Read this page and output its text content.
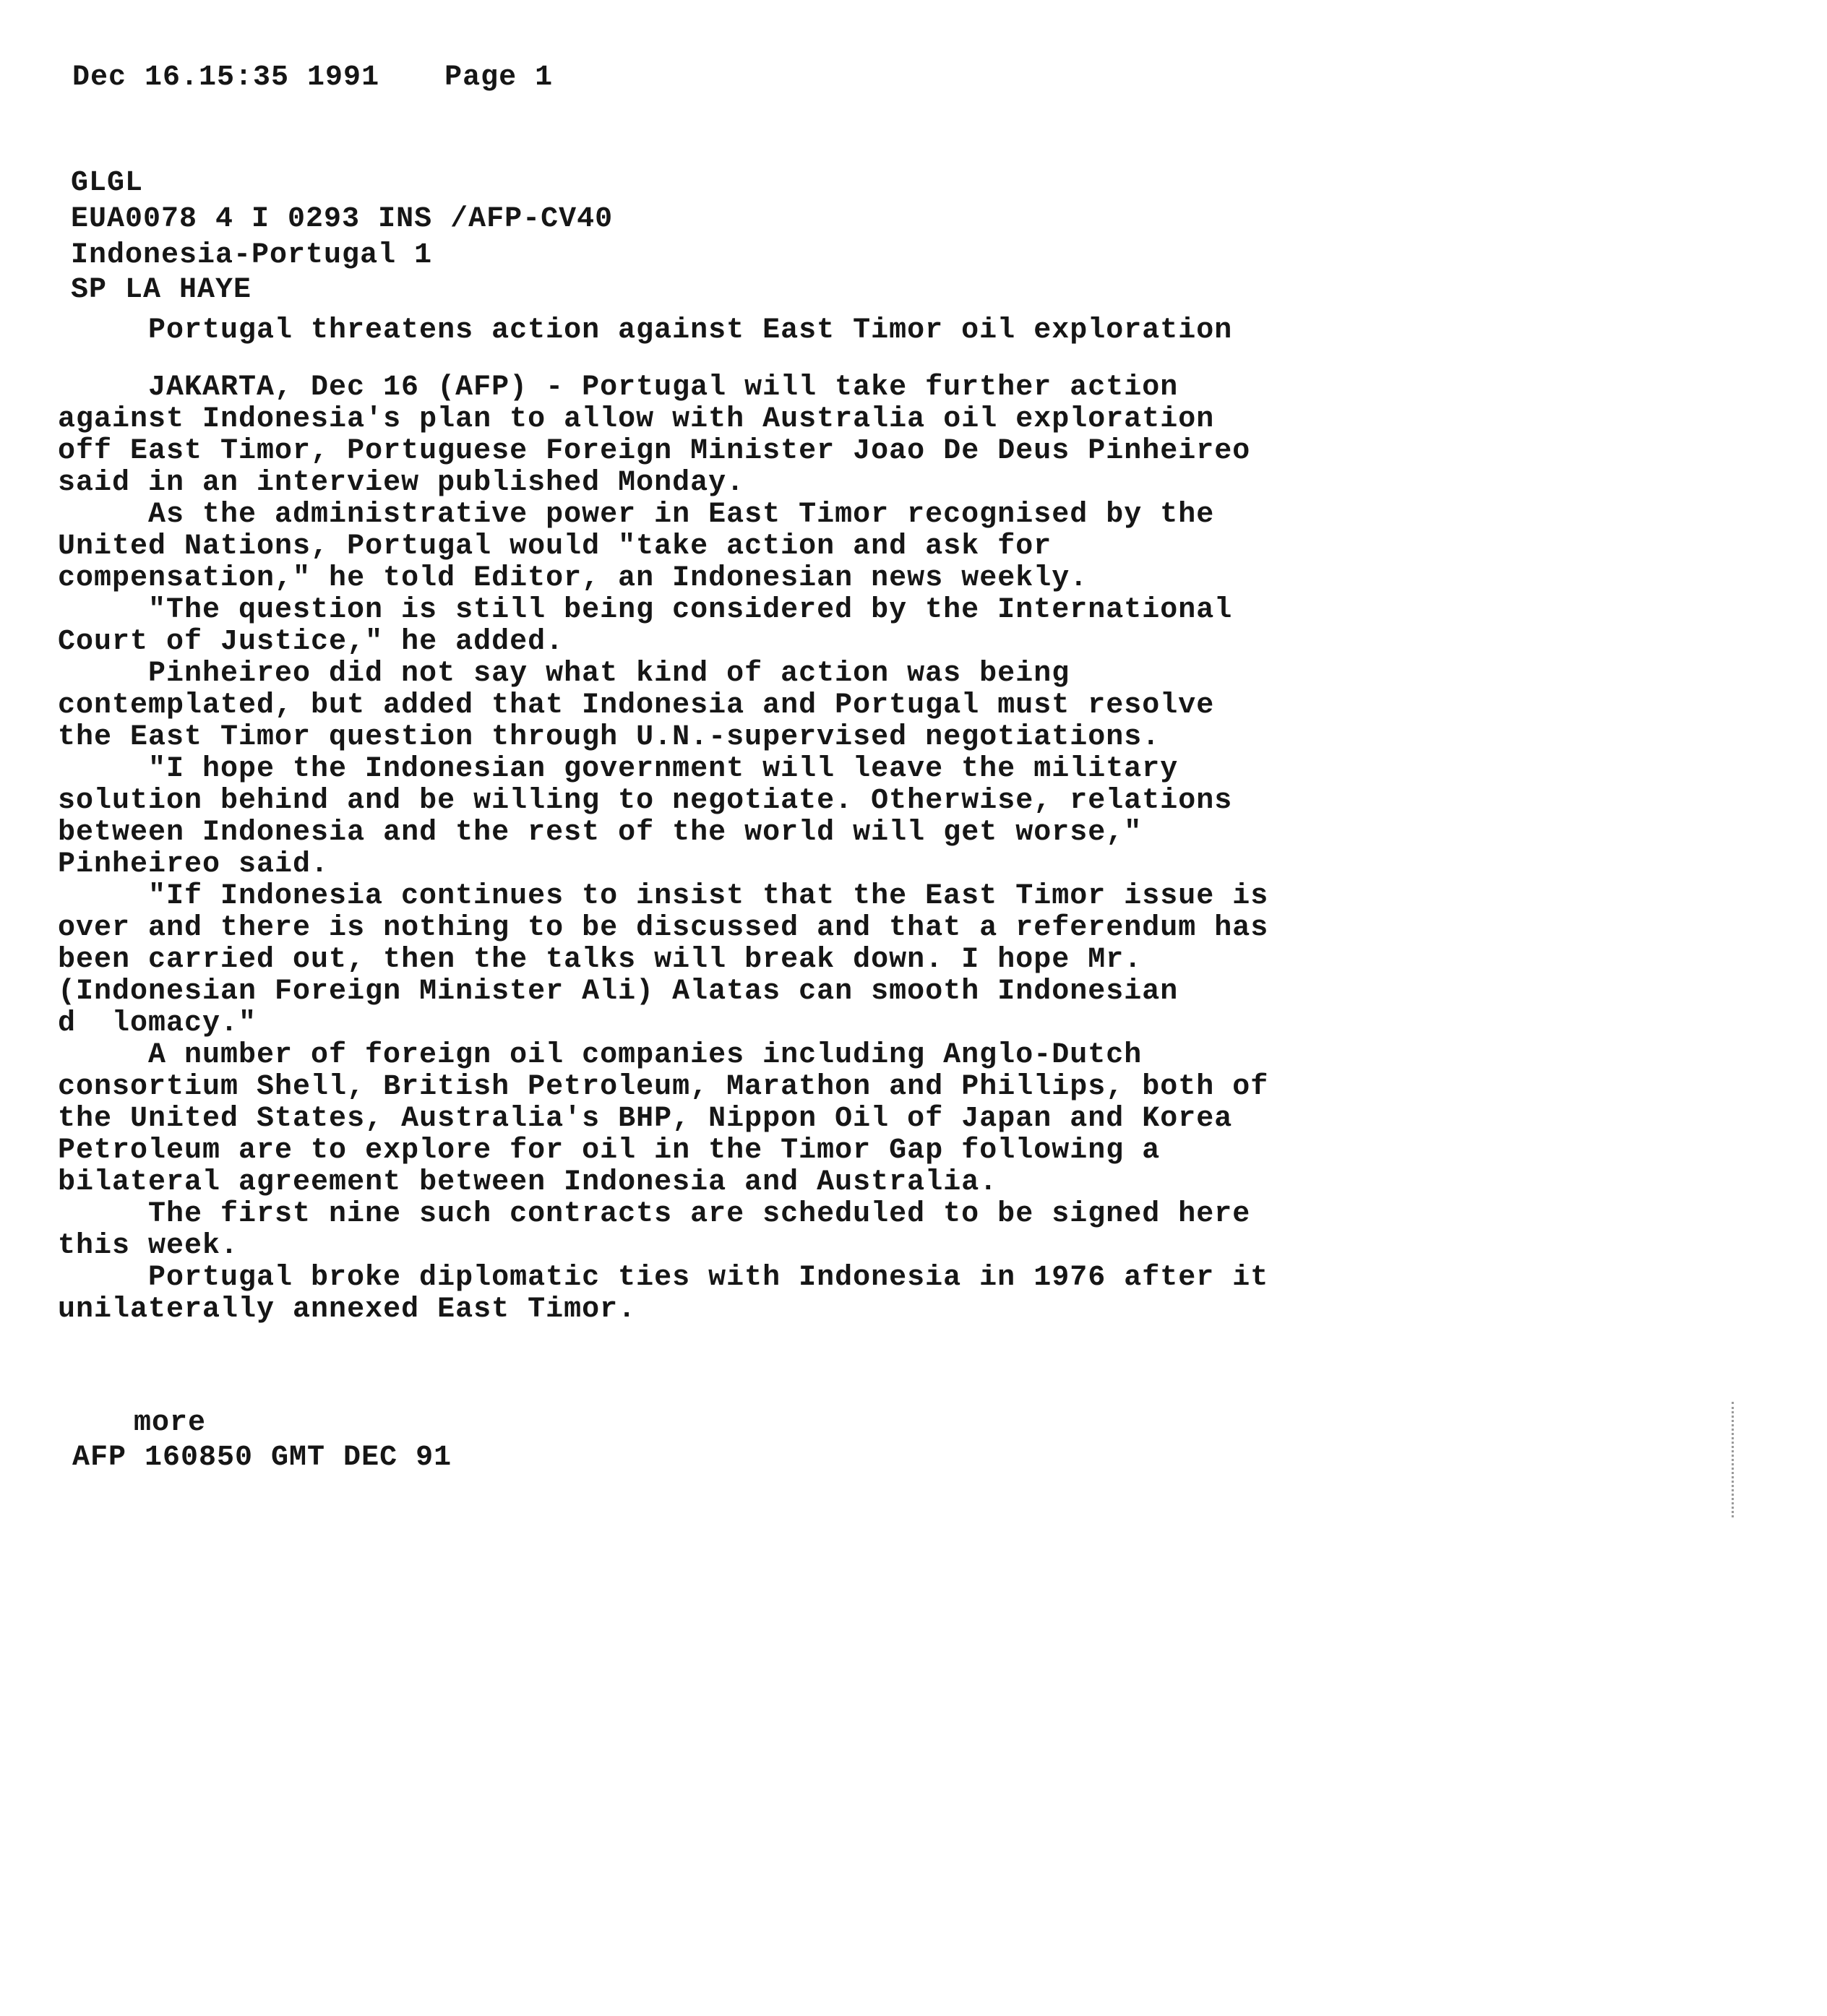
Dec 16.15:35 1991 Page 1
GLGL
EUA0078 4 I 0293 INS /AFP-CV40
Indonesia-Portugal 1
SP LA HAYE
Portugal threatens action against East Timor oil exploration
JAKARTA, Dec 16 (AFP) - Portugal will take further action
against Indonesia's plan to allow with Australia oil exploration
off East Timor, Portuguese Foreign Minister Joao De Deus Pinheireo
said in an interview published Monday.
As the administrative power in East Timor recognised by the
United Nations, Portugal would "take action and ask for
compensation," he told Editor, an Indonesian news weekly.
"The question is still being considered by the International
Court of Justice," he added.
Pinheireo did not say what kind of action was being
contemplated, but added that Indonesia and Portugal must resolve
the East Timor question through U.N.-supervised negotiations.
"I hope the Indonesian government will leave the military
solution behind and be willing to negotiate. Otherwise, relations
between Indonesia and the rest of the world will get worse,"
Pinheireo said.
"If Indonesia continues to insist that the East Timor issue is
over and there is nothing to be discussed and that a referendum has
been carried out, then the talks will break down. I hope Mr.
(Indonesian Foreign Minister Ali) Alatas can smooth Indonesian
d  lomacy."
A number of foreign oil companies including Anglo-Dutch
consortium Shell, British Petroleum, Marathon and Phillips, both of
the United States, Australia's BHP, Nippon Oil of Japan and Korea
Petroleum are to explore for oil in the Timor Gap following a
bilateral agreement between Indonesia and Australia.
The first nine such contracts are scheduled to be signed here
this week.
Portugal broke diplomatic ties with Indonesia in 1976 after it
unilaterally annexed East Timor.
more
AFP 160850 GMT DEC 91
